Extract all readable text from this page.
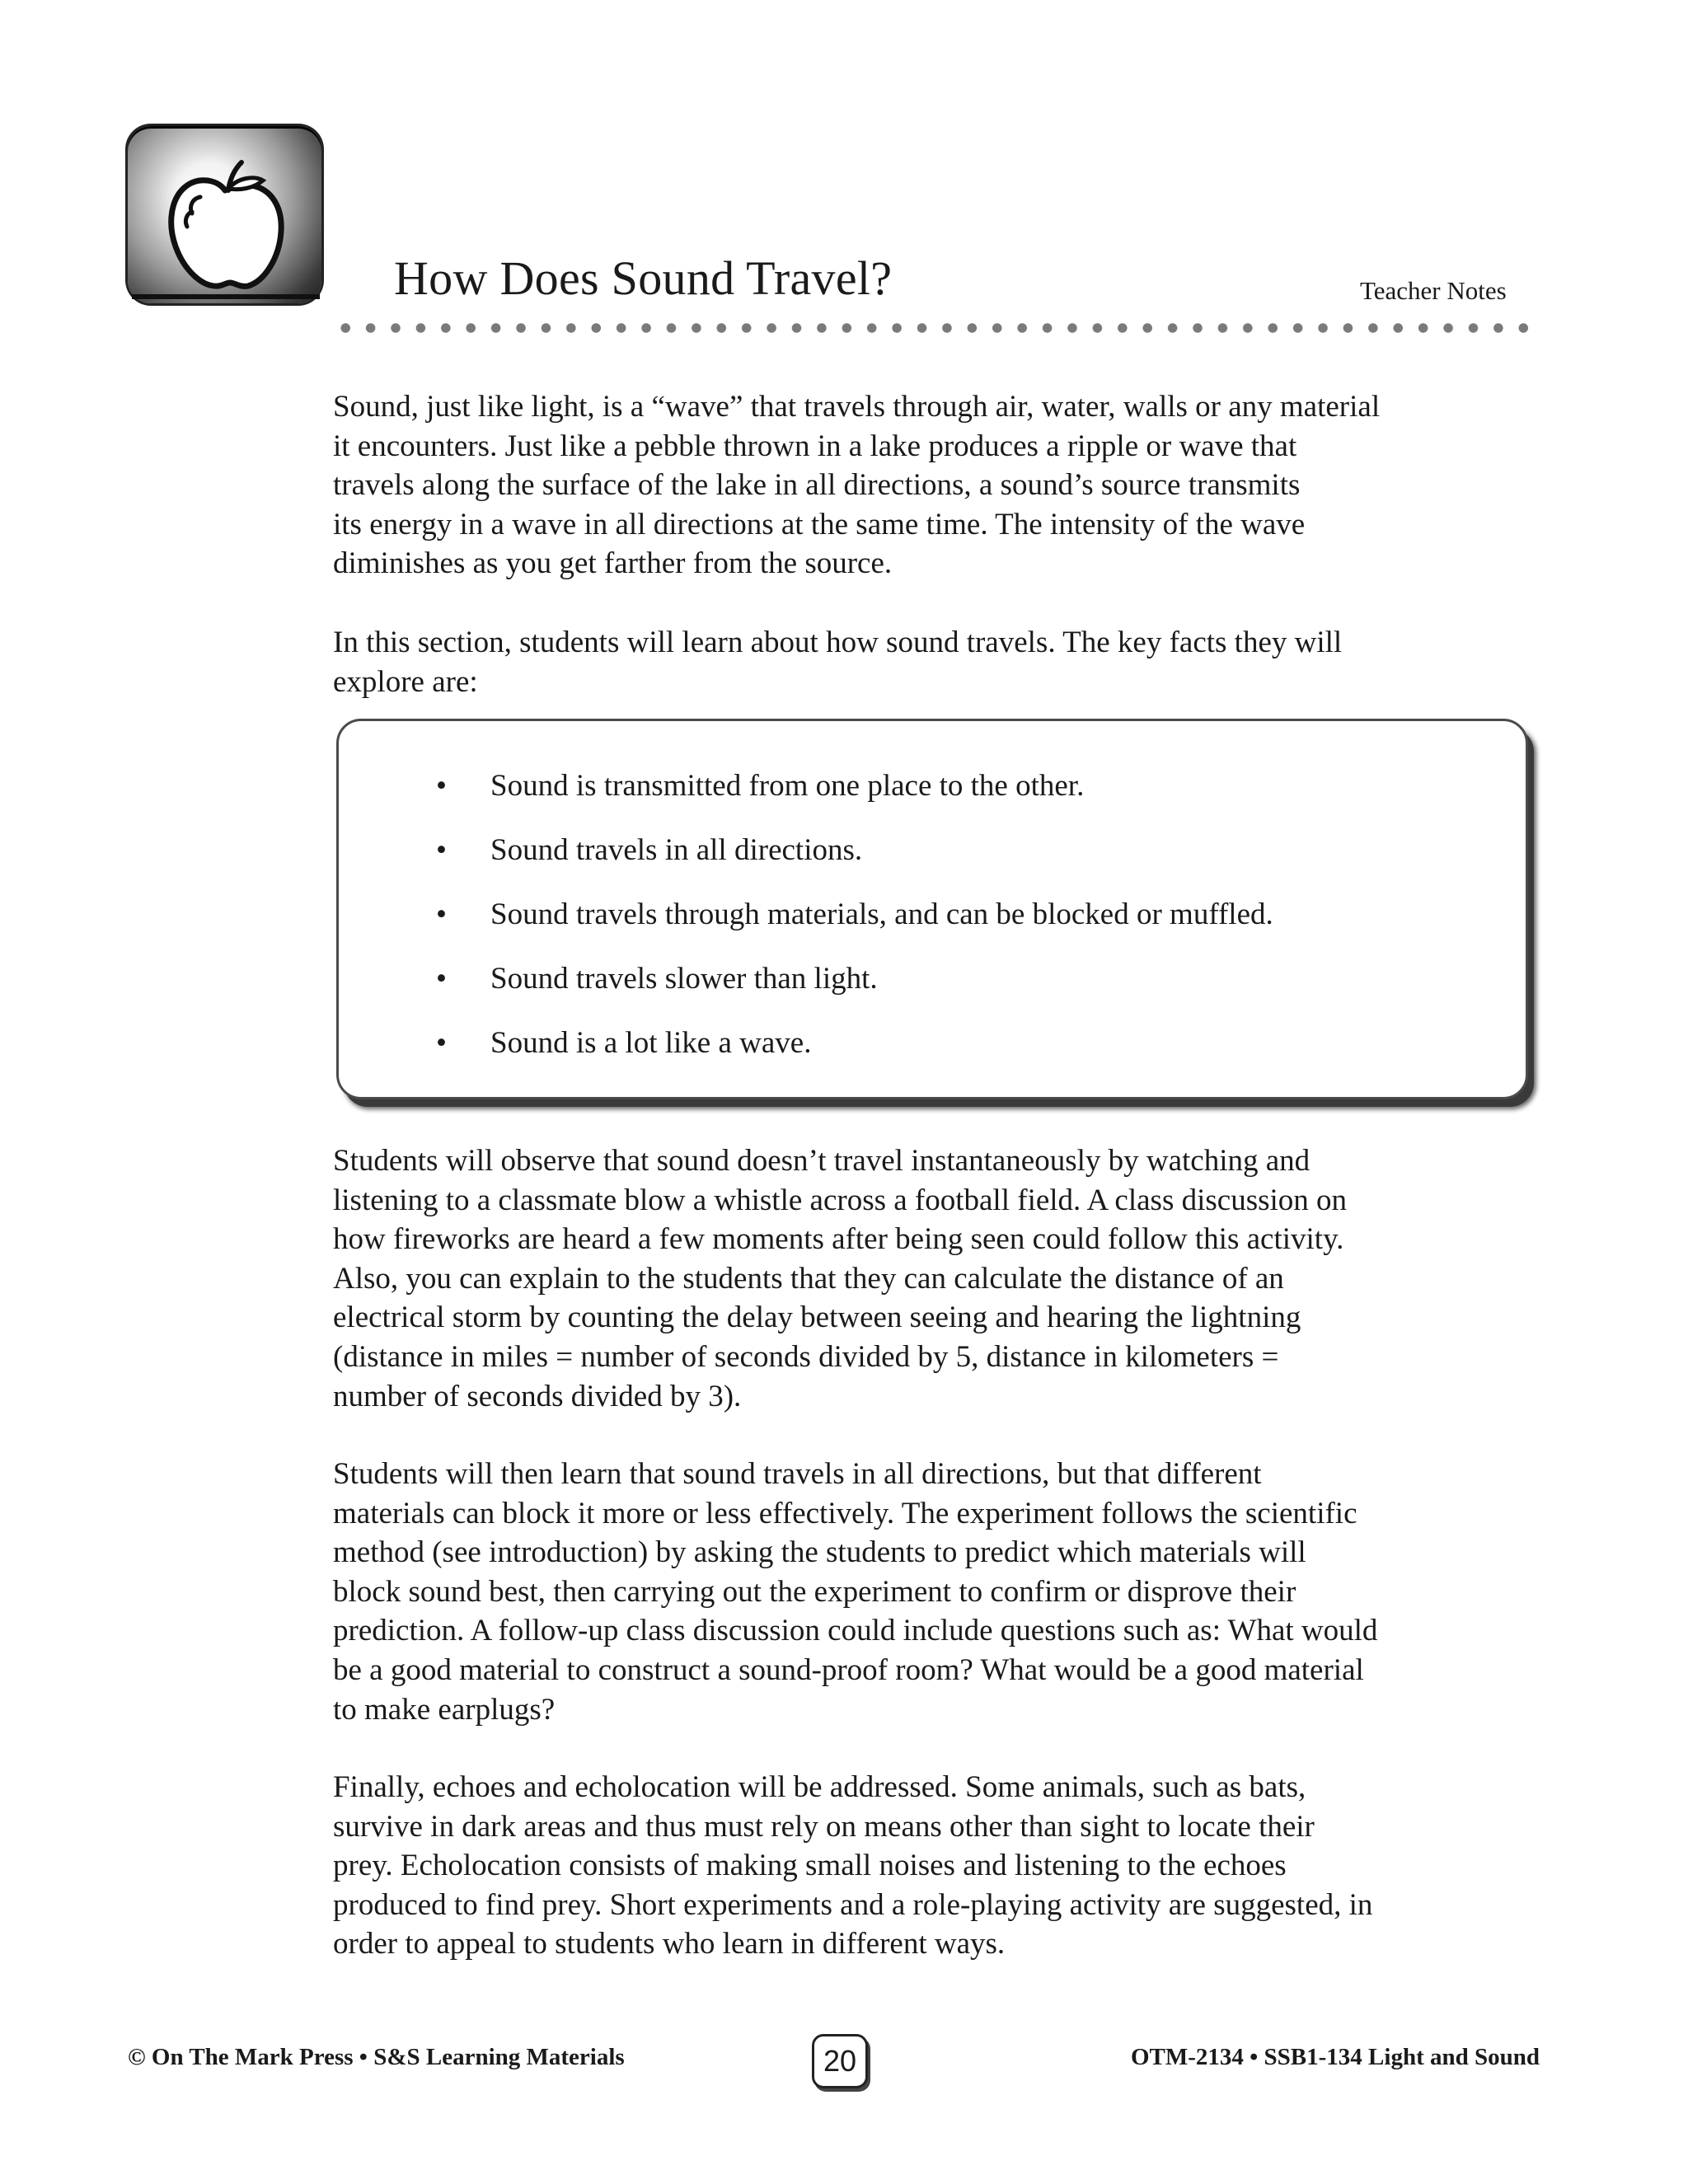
How Does Sound Travel?	Teacher Notes

Sound, just like light, is a “wave” that travels through air, water, walls or any material
it encounters. Just like a pebble thrown in a lake produces a ripple or wave that
travels along the surface of the lake in all directions, a sound’s source transmits
its energy in a wave in all directions at the same time. The intensity of the wave
diminishes as you get farther from the source.

In this section, students will learn about how sound travels. The key facts they will
explore are:

• Sound is transmitted from one place to the other.
• Sound travels in all directions.
• Sound travels through materials, and can be blocked or muffled.
• Sound travels slower than light.
• Sound is a lot like a wave.

Students will observe that sound doesn’t travel instantaneously by watching and
listening to a classmate blow a whistle across a football field. A class discussion on
how fireworks are heard a few moments after being seen could follow this activity.
Also, you can explain to the students that they can calculate the distance of an
electrical storm by counting the delay between seeing and hearing the lightning
(distance in miles = number of seconds divided by 5, distance in kilometers =
number of seconds divided by 3).

Students will then learn that sound travels in all directions, but that different
materials can block it more or less effectively. The experiment follows the scientific
method (see introduction) by asking the students to predict which materials will
block sound best, then carrying out the experiment to confirm or disprove their
prediction. A follow-up class discussion could include questions such as: What would
be a good material to construct a sound-proof room? What would be a good material
to make earplugs?

Finally, echoes and echolocation will be addressed. Some animals, such as bats,
survive in dark areas and thus must rely on means other than sight to locate their
prey. Echolocation consists of making small noises and listening to the echoes
produced to find prey. Short experiments and a role-playing activity are suggested, in
order to appeal to students who learn in different ways.

© On The Mark Press • S&S Learning Materials	20	OTM-2134 • SSB1-134 Light and Sound
